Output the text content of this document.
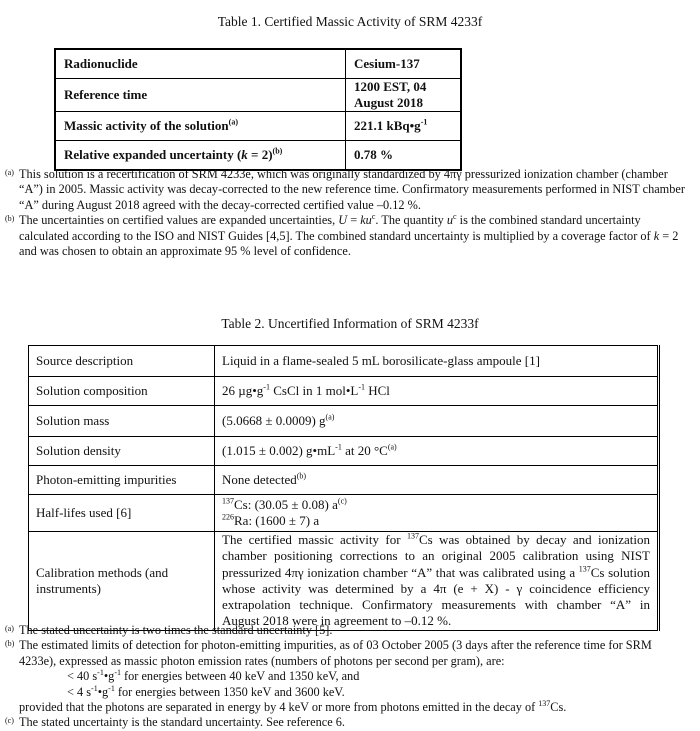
Table 1. Certified Massic Activity of SRM 4233f
Radionuclide	Cesium-137
Reference time	1200 EST, 04 August 2018
Massic activity of the solution$^{(a)}$	221.1 $kBq•g^{-1}$
Relative expanded uncertainty (k = 2)$^{(b)}$	0.78 %
(a) This solution is a recertification of SRM 4233e, which was originally standardized by 4πγ pressurized ionization chamber (chamber “A”) in 2005. Massic activity was decay-corrected to the new reference time. Confirmatory measurements performed in NIST chamber “A” during August 2018 agreed with the decay-corrected certified value –0.12 %.
(b) The uncertainties on certified values are expanded uncertainties, $U = ku^c$. The quantity $u^c$ is the combined standard uncertainty calculated according to the ISO and NIST Guides [4,5]. The combined standard uncertainty is multiplied by a coverage factor of k = 2 and was chosen to obtain an approximate 95 % level of confidence.
Table 2. Uncertified Information of SRM 4233f
Source description	Liquid in a flame-sealed 5 mL borosilicate-glass ampoule [1]
Solution composition	26 $\mu g•g^{-1}$ CsCl in 1 $mol•L^{-1}$ HCl
Solution mass	(5.0668 ± 0.0009) $g^{(a)}$
Solution density	(1.015 ± 0.002) $g•mL^{-1}$ at 20 $^\circ C^{(a)}$
Photon-emitting impurities	None detected$^{(b)}$
Half-lifes used [6]	$^{137}$Cs: (30.05 ± 0.08) $a^{(c)}$
$^{226}$Ra: (1600 ± 7) a
Calibration methods (and instruments)	The certified massic activity for $^{137}$Cs was obtained by decay and ionization chamber positioning corrections to an original 2005 calibration using NIST pressurized 4πγ ionization chamber “A” that was calibrated using a $^{137}$Cs solution whose activity was determined by a 4π (e + X) - γ coincidence efficiency extrapolation technique. Confirmatory measurements with chamber “A” in August 2018 were in agreement to –0.12 %.
(a) The stated uncertainty is two times the standard uncertainty [5].
(b) The estimated limits of detection for photon-emitting impurities, as of 03 October 2005 (3 days after the reference time for SRM 4233e), expressed as massic photon emission rates (numbers of photons per second per gram), are:
< 40 $s^{-1}•g^{-1}$ for energies between 40 keV and 1350 keV, and
< 4 $s^{-1}•g^{-1}$ for energies between 1350 keV and 3600 keV.
provided that the photons are separated in energy by 4 keV or more from photons emitted in the decay of $^{137}$Cs.
(c) The stated uncertainty is the standard uncertainty. See reference 6.
